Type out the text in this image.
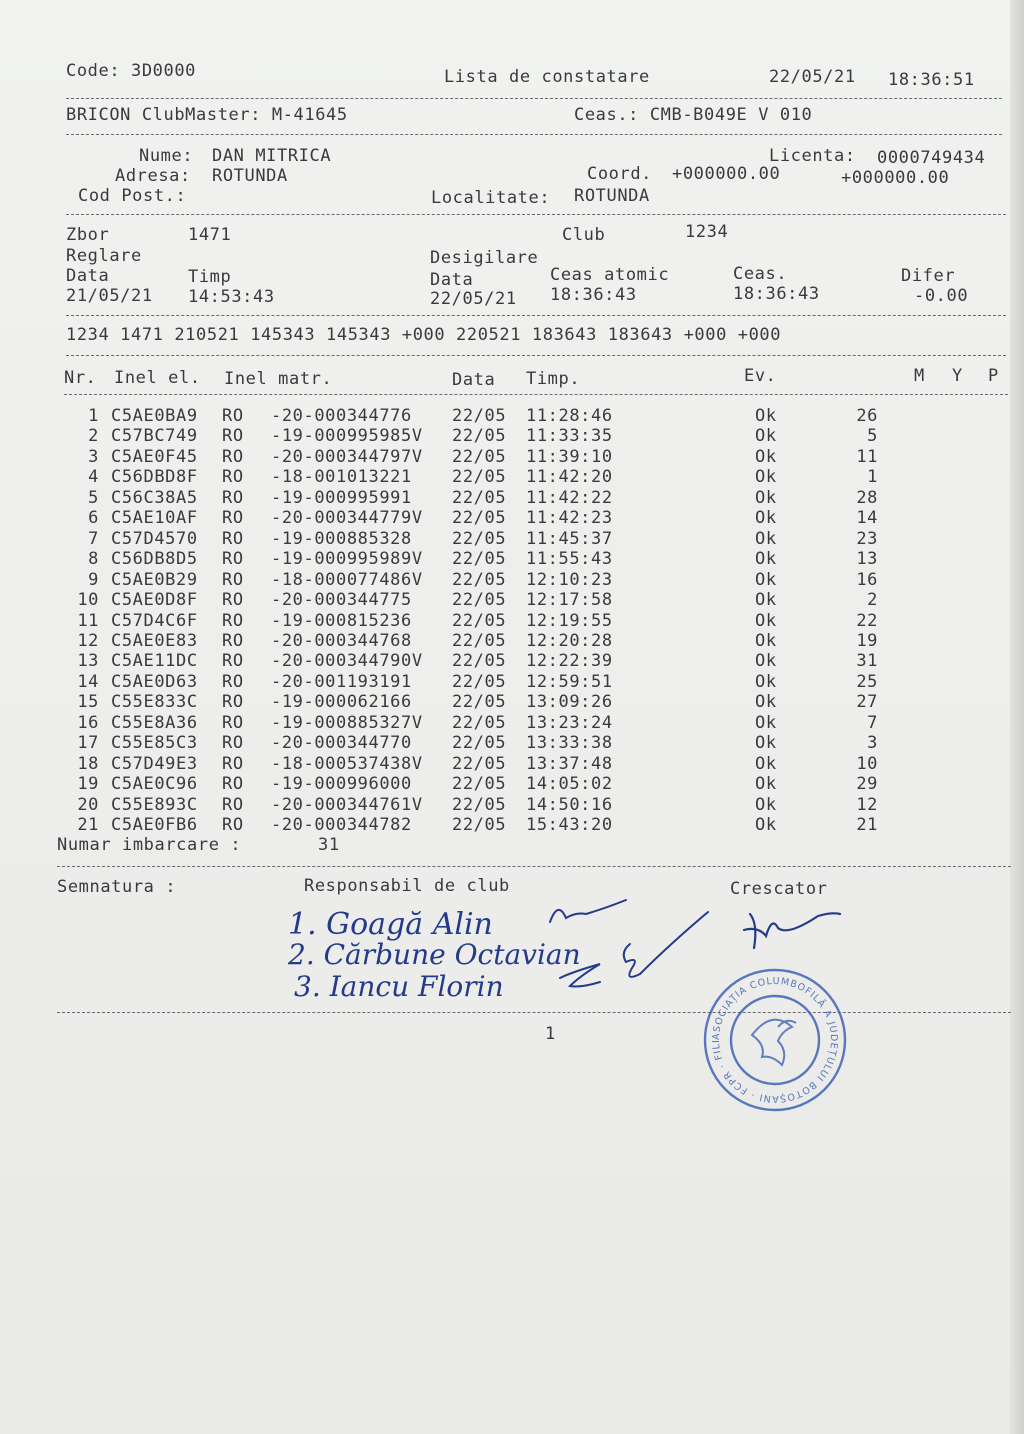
Code: 3D0000	Lista de constatare	22/05/21 18:36:51
BRICON ClubMaster: M-41645	Ceas.: CMB-B049E V 010
Nume: DAN MITRICA	Licenta: 0000749434
Adresa: ROTUNDA	Coord. +000000.00	+000000.00
Cod Post.:	Localitate: ROTUNDA
Zbor	1471	Club	1234
Reglare	Desigilare
Data	Timp	Data	Ceas atomic	Ceas.	Difer
21/05/21 14:53:43	22/05/21 18:36:43	18:36:43	-0.00
1234 1471 210521 145343 145343 +000 220521 183643 183643 +000 +000
Nr. Inel el. Inel matr.	Data Timp.	Ev.	M Y P
1 C5AE0BA9 RO -20-000344776 22/05 11:28:46	Ok	26
2 C57BC749 RO -19-000995985V 22/05 11:33:35	Ok	5
3 C5AE0F45 RO -20-000344797V 22/05 11:39:10	Ok	11
4 C56DBD8F RO -18-001013221 22/05 11:42:20	Ok	1
5 C56C38A5 RO -19-000995991 22/05 11:42:22	Ok	28
6 C5AE10AF RO -20-000344779V 22/05 11:42:23	Ok	14
7 C57D4570 RO -19-000885328 22/05 11:45:37	Ok	23
8 C56DB8D5 RO -19-000995989V 22/05 11:55:43	Ok	13
9 C5AE0B29 RO -18-000077486V 22/05 12:10:23	Ok	16
10 C5AE0D8F RO -20-000344775 22/05 12:17:58	Ok	2
11 C57D4C6F RO -19-000815236 22/05 12:19:55	Ok	22
12 C5AE0E83 RO -20-000344768 22/05 12:20:28	Ok	19
13 C5AE11DC RO -20-000344790V 22/05 12:22:39	Ok	31
14 C5AE0D63 RO -20-001193191 22/05 12:59:51	Ok	25
15 C55E833C RO -19-000062166 22/05 13:09:26	Ok	27
16 C55E8A36 RO -19-000885327V 22/05 13:23:24	Ok	7
17 C55E85C3 RO -20-000344770 22/05 13:33:38	Ok	3
18 C57D49E3 RO -18-000537438V 22/05 13:37:48	Ok	10
19 C5AE0C96 RO -19-000996000 22/05 14:05:02	Ok	29
20 C55E893C RO -20-000344761V 22/05 14:50:16	Ok	12
21 C5AE0FB6 RO -20-000344782 22/05 15:43:20	Ok	21
Numar imbarcare :	31
Semnatura :	Responsabil de club	Crescator
1. Goagă Alin
2. Cărbune Octavian
3. Iancu Florin
1	ASOCIAȚIA COLUMBOFILĂ A JUDEȚULUI BOTOȘANI · FCPR · FILIALA · AMARASTI
